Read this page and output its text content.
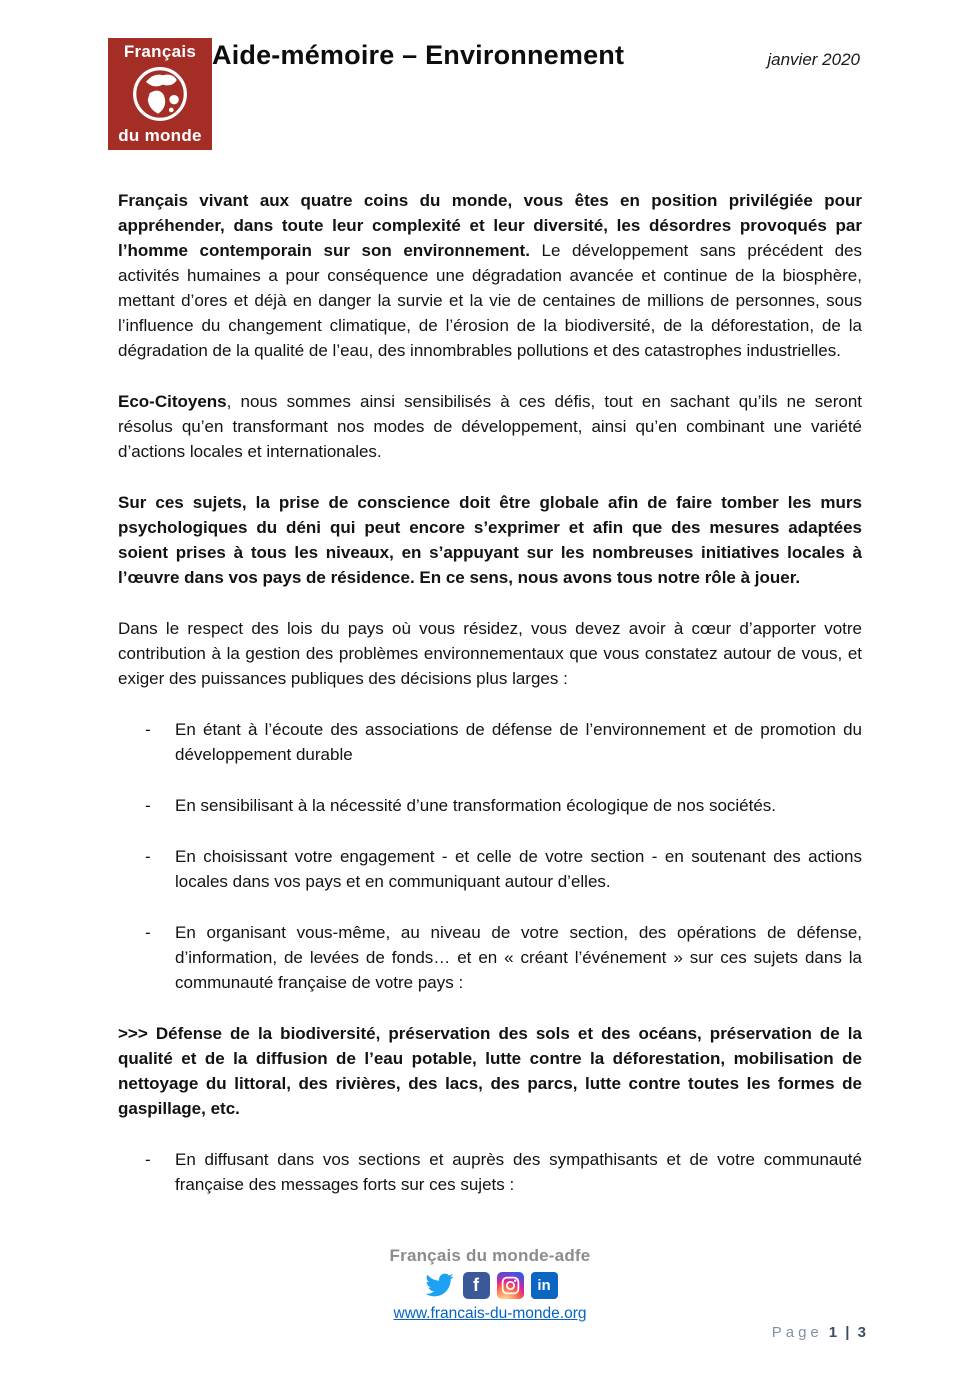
Français
du monde
Aide-mémoire – Environnement	janvier 2020

Français vivant aux quatre coins du monde, vous êtes en position privilégiée pour appréhender, dans toute leur complexité et leur diversité, les désordres provoqués par l’homme contemporain sur son environnement. Le développement sans précédent des activités humaines a pour conséquence une dégradation avancée et continue de la biosphère, mettant d’ores et déjà en danger la survie et la vie de centaines de millions de personnes, sous l’influence du changement climatique, de l’érosion de la biodiversité, de la déforestation, de la dégradation de la qualité de l’eau, des innombrables pollutions et des catastrophes industrielles.

Eco-Citoyens, nous sommes ainsi sensibilisés à ces défis, tout en sachant qu’ils ne seront résolus qu’en transformant nos modes de développement, ainsi qu’en combinant une variété d’actions locales et internationales.

Sur ces sujets, la prise de conscience doit être globale afin de faire tomber les murs psychologiques du déni qui peut encore s’exprimer et afin que des mesures adaptées soient prises à tous les niveaux, en s’appuyant sur les nombreuses initiatives locales à l’œuvre dans vos pays de résidence. En ce sens, nous avons tous notre rôle à jouer.

Dans le respect des lois du pays où vous résidez, vous devez avoir à cœur d’apporter votre contribution à la gestion des problèmes environnementaux que vous constatez autour de vous, et exiger des puissances publiques des décisions plus larges :

- En étant à l’écoute des associations de défense de l’environnement et de promotion du développement durable
- En sensibilisant à la nécessité d’une transformation écologique de nos sociétés.
- En choisissant votre engagement - et celle de votre section - en soutenant des actions locales dans vos pays et en communiquant autour d’elles.
- En organisant vous-même, au niveau de votre section, des opérations de défense, d’information, de levées de fonds… et en « créant l’événement » sur ces sujets dans la communauté française de votre pays :

>>> Défense de la biodiversité, préservation des sols et des océans, préservation de la qualité et de la diffusion de l’eau potable, lutte contre la déforestation, mobilisation de nettoyage du littoral, des rivières, des lacs, des parcs, lutte contre toutes les formes de gaspillage, etc.

- En diffusant dans vos sections et auprès des sympathisants et de votre communauté française des messages forts sur ces sujets :
Français du monde-adfe
f	in
www.francais-du-monde.org
Page 1 | 3
